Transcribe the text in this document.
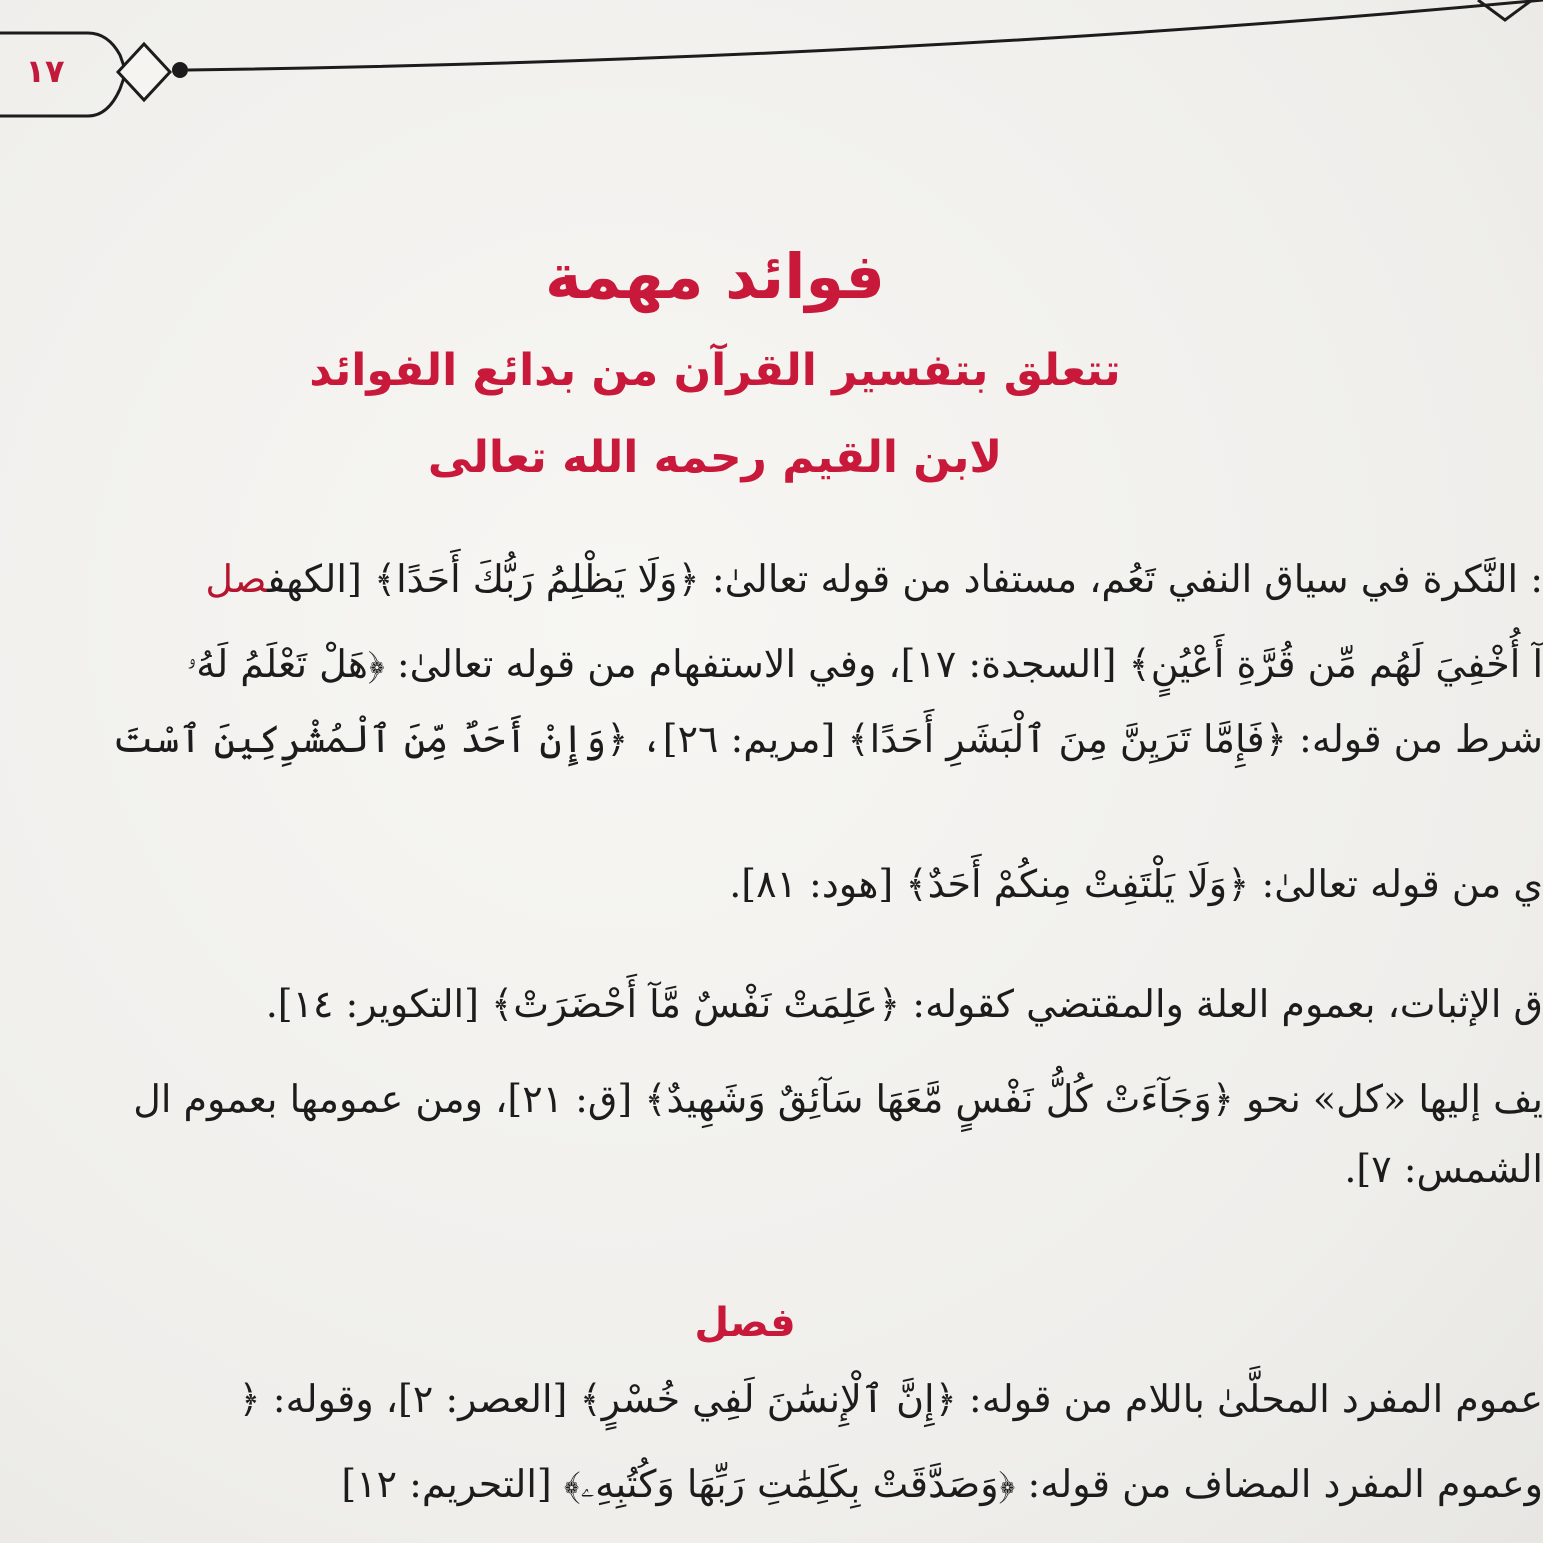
١٧
فوائد مهمة
تتعلق بتفسير القرآن من بدائع الفوائد
لابن القيم رحمه الله تعالى
: النَّكرة في سياق النفي تَعُم، مستفاد من قوله تعالىٰ: ﴿وَلَا يَظْلِمُ رَبُّكَ أَحَدًا﴾ [الكهفصل
آ أُخْفِيَ لَهُم مِّن قُرَّةِ أَعْيُنٍ﴾ [السجدة: ١٧]، وفي الاستفهام من قوله تعالىٰ: ﴿هَلْ تَعْلَمُ لَهُۥ
شرط من قوله: ﴿فَإِمَّا تَرَيِنَّ مِنَ ٱلْبَشَرِ أَحَدًا﴾ [مريم: ٢٦]، ﴿وَإِنْ أَحَدٌ مِّنَ ٱلْمُشْرِكِينَ ٱسْتَ
ي من قوله تعالىٰ: ﴿وَلَا يَلْتَفِتْ مِنكُمْ أَحَدٌ﴾ [هود: ٨١].
ق الإثبات، بعموم العلة والمقتضي كقوله: ﴿عَلِمَتْ نَفْسٌ مَّآ أَحْضَرَتْ﴾ [التكوير: ١٤].
يف إليها «كل» نحو ﴿وَجَآءَتْ كُلُّ نَفْسٍ مَّعَهَا سَآئِقٌ وَشَهِيدٌ﴾ [ق: ٢١]، ومن عمومها بعموم ال
الشمس: ٧].
فصل
عموم المفرد المحلَّىٰ باللام من قوله: ﴿إِنَّ ٱلْإِنسَٰنَ لَفِي خُسْرٍ﴾ [العصر: ٢]، وقوله: ﴿
وعموم المفرد المضاف من قوله: ﴿وَصَدَّقَتْ بِكَلِمَٰتِ رَبِّهَا وَكُتُبِهِۦ﴾ [التحريم: ١٢]
